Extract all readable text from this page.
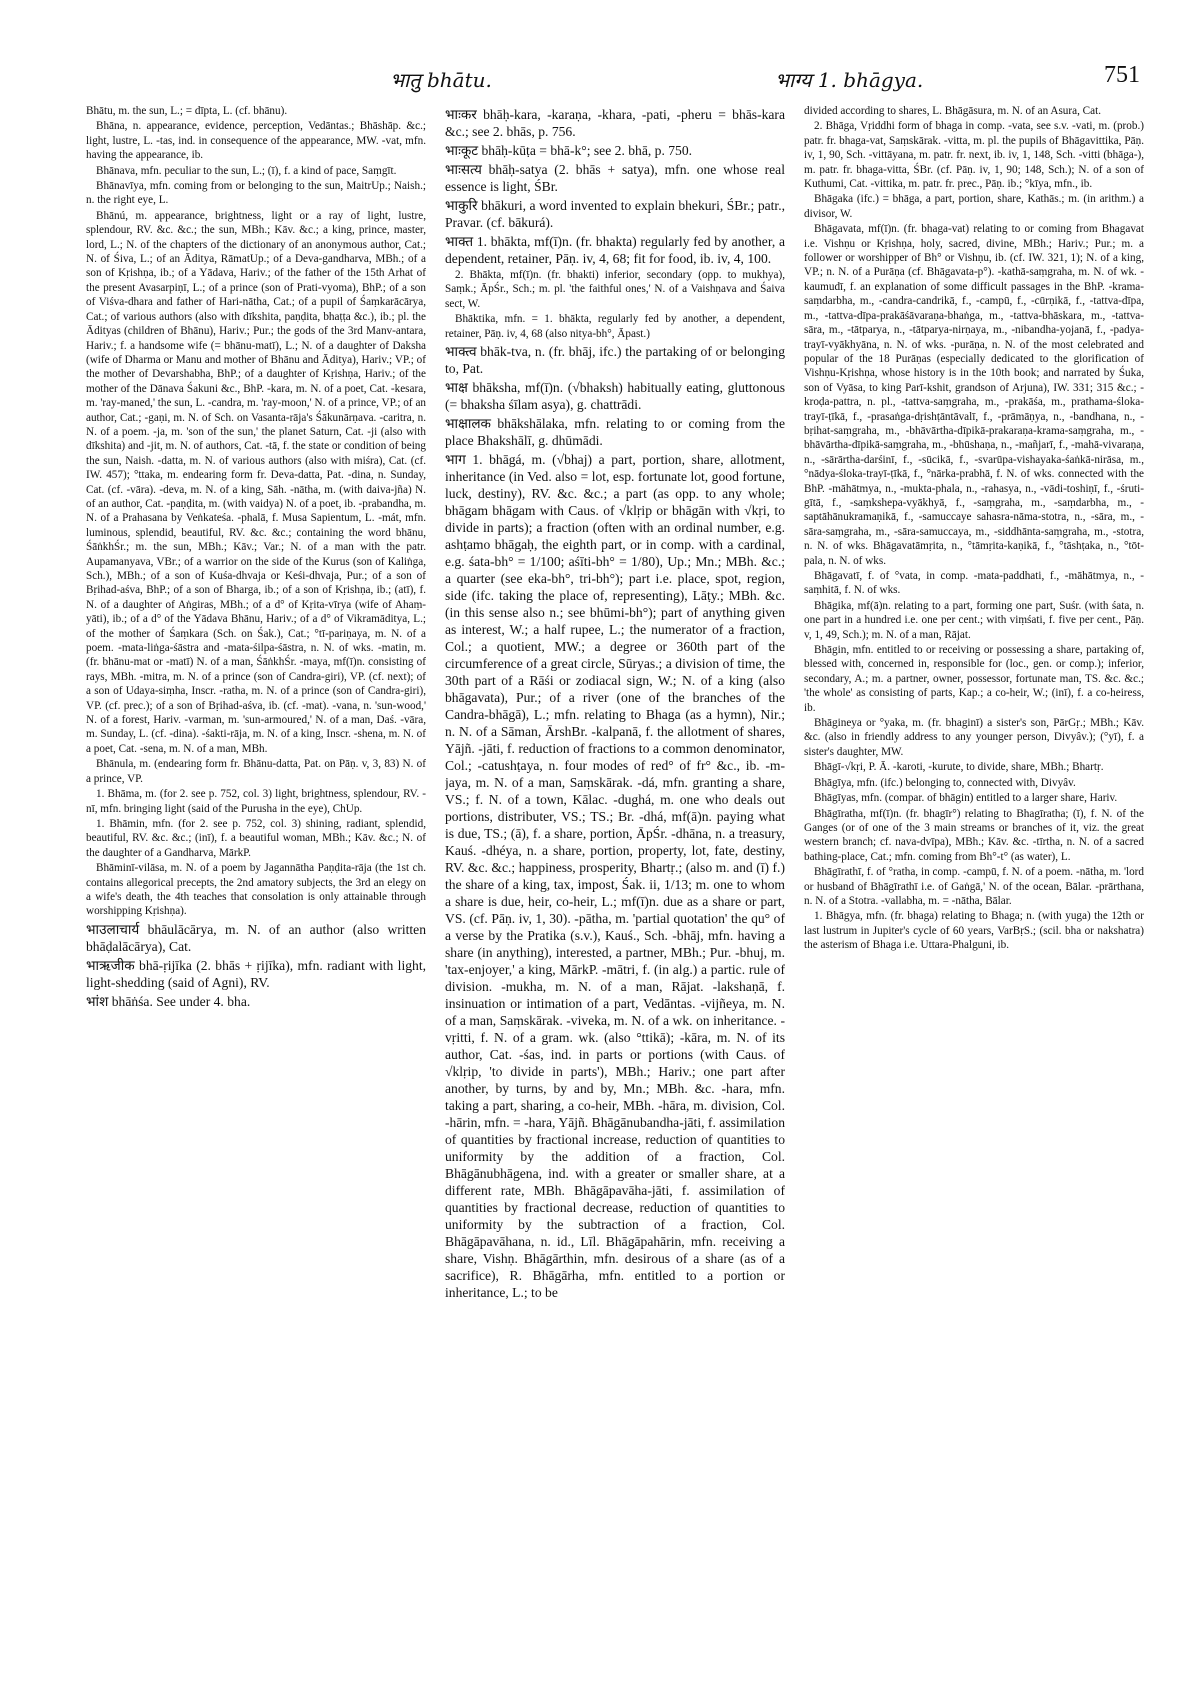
भातु bhātu.	भाग्य 1. bhāgya.	751

Bhātu, m. the sun, L.; = dīpta, L. (cf. bhānu).

Bhāna, n. appearance, evidence, perception, Vedāntas.; Bhāshāp. &c.; light, lustre, L. -tas, ind. in consequence of the appearance, MW. -vat, mfn. having the appearance, ib.

Bhānava, mfn. peculiar to the sun, L.; (ī), f. a kind of pace, Saṃgīt.

Bhānavīya, mfn. coming from or belonging to the sun, MaitrUp.; Naish.; n. the right eye, L.

Bhānú, m. appearance, brightness, light or a ray of light, lustre, splendour, RV. &c. &c.; the sun, MBh.; Kāv. &c.; a king, prince, master, lord, L.; N. of the chapters of the dictionary of an anonymous author, Cat.; N. of Śiva, L.; of an Āditya, RāmatUp.; of a Deva-gandharva, MBh.; of a son of Kṛishṇa, ib.; of a Yādava, Hariv.; of the father of the 15th Arhat of the present Avasarpiṇī, L.; of a prince (son of Prati-vyoma), BhP.; of a son of Viśva-dhara and father of Hari-nātha, Cat.; of a pupil of Śaṃkarācārya, Cat.; of various authors (also with dīkshita, paṇḍita, bhaṭṭa &c.), ib.; pl. the Ādityas (children of Bhānu), Hariv.; Pur.; the gods of the 3rd Manv-antara, Hariv.; f. a handsome wife (= bhānu-matī), L.; N. of a daughter of Daksha (wife of Dharma or Manu and mother of Bhānu and Āditya), Hariv.; VP.; of the mother of Devarshabha, BhP.; of a daughter of Kṛishṇa, Hariv.; of the mother of the Dānava Śakuni &c., BhP. -kara, m. N. of a poet, Cat. -kesara, m. 'ray-maned,' the sun, L. -candra, m. 'ray-moon,' N. of a prince, VP.; of an author, Cat.; -gaṇi, m. N. of Sch. on Vasanta-rāja's Śākunārṇava. -caritra, n. N. of a poem. -ja, m. 'son of the sun,' the planet Saturn, Cat. -ji (also with dīkshita) and -jit, m. N. of authors, Cat. -tā, f. the state or condition of being the sun, Naish. -datta, m. N. of various authors (also with miśra), Cat. (cf. IW. 457); °ttaka, m. endearing form fr. Deva-datta, Pat. -dina, n. Sunday, Cat. (cf. -vāra). -deva, m. N. of a king, Sāh. -nātha, m. (with daiva-jña) N. of an author, Cat. -paṇḍita, m. (with vaidya) N. of a poet, ib. -prabandha, m. N. of a Prahasana by Veṅkateśa. -phalā, f. Musa Sapientum, L. -mát, mfn. luminous, splendid, beautiful, RV. &c. &c.; containing the word bhānu, ŚāṅkhŚr.; m. the sun, MBh.; Kāv.; Var.; N. of a man with the patr. Aupamanyava, VBr.; of a warrior on the side of the Kurus (son of Kaliṅga, Sch.), MBh.; of a son of Kuśa-dhvaja or Keśi-dhvaja, Pur.; of a son of Bṛihad-aśva, BhP.; of a son of Bharga, ib.; of a son of Kṛishṇa, ib.; (atī), f. N. of a daughter of Aṅgiras, MBh.; of a d° of Kṛita-vīrya (wife of Ahaṃ-yāti), ib.; of a d° of the Yādava Bhānu, Hariv.; of a d° of Vikramāditya, L.; of the mother of Śaṃkara (Sch. on Śak.), Cat.; °tī-pariṇaya, m. N. of a poem. -mata-liṅga-śāstra and -mata-śilpa-śāstra, n. N. of wks. -matin, m. (fr. bhānu-mat or -matī) N. of a man, ŚāṅkhŚr. -maya, mf(ī)n. consisting of rays, MBh. -mitra, m. N. of a prince (son of Candra-giri), VP. (cf. next); of a son of Udaya-siṃha, Inscr. -ratha, m. N. of a prince (son of Candra-giri), VP. (cf. prec.); of a son of Bṛihad-aśva, ib. (cf. -mat). -vana, n. 'sun-wood,' N. of a forest, Hariv. -varman, m. 'sun-armoured,' N. of a man, Daś. -vāra, m. Sunday, L. (cf. -dina). -śakti-rāja, m. N. of a king, Inscr. -shena, m. N. of a poet, Cat. -sena, m. N. of a man, MBh.

Bhānula, m. (endearing form fr. Bhānu-datta, Pat. on Pāṇ. v, 3, 83) N. of a prince, VP.

1. Bhāma, m. (for 2. see p. 752, col. 3) light, brightness, splendour, RV. -nī, mfn. bringing light (said of the Purusha in the eye), ChUp.

1. Bhāmin, mfn. (for 2. see p. 752, col. 3) shining, radiant, splendid, beautiful, RV. &c. &c.; (inī), f. a beautiful woman, MBh.; Kāv. &c.; N. of the daughter of a Gandharva, MārkP.

Bhāminī-vilāsa, m. N. of a poem by Jagannātha Paṇḍita-rāja (the 1st ch. contains allegorical precepts, the 2nd amatory subjects, the 3rd an elegy on a wife's death, the 4th teaches that consolation is only attainable through worshipping Kṛishṇa).

भाउलाचार्य bhāulācārya, m. N. of an author (also written bhāḍalācārya), Cat.

भाऋजीक bhā-ṛijīka (2. bhās + ṛijīka), mfn. radiant with light, light-shedding (said of Agni), RV.

भांश bhāṅśa. See under 4. bha.

भाःकर bhāḥ-kara, -karaṇa, -khara, -pati, -pheru = bhās-kara &c.; see 2. bhās, p. 756.

भाःकूट bhāḥ-kūṭa = bhā-k°; see 2. bhā, p. 750.

भाःसत्य bhāḥ-satya (2. bhās + satya), mfn. one whose real essence is light, ŚBr.

भाकुरि bhākuri, a word invented to explain bhekuri, ŚBr.; patr., Pravar. (cf. bākurá).

भाक्त 1. bhākta, mf(ī)n. (fr. bhakta) regularly fed by another, a dependent, retainer, Pāṇ. iv, 4, 68; fit for food, ib. iv, 4, 100.

2. Bhākta, mf(ī)n. (fr. bhakti) inferior, secondary (opp. to mukhya), Saṃk.; ĀpŚr., Sch.; m. pl. 'the faithful ones,' N. of a Vaishṇava and Śaiva sect, W.

Bhāktika, mfn. = 1. bhākta, regularly fed by another, a dependent, retainer, Pāṇ. iv, 4, 68 (also nitya-bh°, Āpast.)

भाक्त्व bhāk-tva, n. (fr. bhāj, ifc.) the partaking of or belonging to, Pat.

भाक्ष bhāksha, mf(ī)n. (√bhaksh) habitually eating, gluttonous (= bhaksha śīlam asya), g. chattrādi.

भाक्षालक bhākshālaka, mfn. relating to or coming from the place Bhakshālī, g. dhūmādi.

भाग 1. bhāgá, m. (√bhaj) a part, portion, share, allotment, inheritance (in Ved. also = lot, esp. fortunate lot, good fortune, luck, destiny), RV. &c. &c.; a part (as opp. to any whole; bhāgam bhāgam with Caus. of √klṛip or bhāgān with √kṛi, to divide in parts); a fraction (often with an ordinal number, e.g. ashṭamo bhāgaḥ, the eighth part, or in comp. with a cardinal, e.g. śata-bh° = 1/100; aśīti-bh° = 1/80), Up.; Mn.; MBh. &c.; a quarter (see eka-bh°, tri-bh°); part i.e. place, spot, region, side (ifc. taking the place of, representing), Lāṭy.; MBh. &c. (in this sense also n.; see bhūmi-bh°); part of anything given as interest, W.; a half rupee, L.; the numerator of a fraction, Col.; a quotient, MW.; a degree or 360th part of the circumference of a great circle, Sūryas.; a division of time, the 30th part of a Rāśi or zodiacal sign, W.; N. of a king (also bhāgavata), Pur.; of a river (one of the branches of the Candra-bhāgā), L.; mfn. relating to Bhaga (as a hymn), Nir.; n. N. of a Sāman, ĀrshBr. -kalpanā, f. the allotment of shares, Yājñ. -jāti, f. reduction of fractions to a common denominator, Col.; -catushṭaya, n. four modes of red° of fr° &c., ib. -m-jaya, m. N. of a man, Saṃskārak. -dá, mfn. granting a share, VS.; f. N. of a town, Kālac. -dughá, m. one who deals out portions, distributer, VS.; TS.; Br. -dhá, mf(ā)n. paying what is due, TS.; (ā), f. a share, portion, ĀpŚr. -dhāna, n. a treasury, Kauś. -dhéya, n. a share, portion, property, lot, fate, destiny, RV. &c. &c.; happiness, prosperity, Bhartṛ.; (also m. and (ī) f.) the share of a king, tax, impost, Śak. ii, 1/13; m. one to whom a share is due, heir, co-heir, L.; mf(ī)n. due as a share or part, VS. (cf. Pāṇ. iv, 1, 30). -pātha, m. 'partial quotation' the qu° of a verse by the Pratika (s.v.), Kauś., Sch. -bhāj, mfn. having a share (in anything), interested, a partner, MBh.; Pur. -bhuj, m. 'tax-enjoyer,' a king, MārkP. -mātri, f. (in alg.) a partic. rule of division. -mukha, m. N. of a man, Rājat. -lakshaṇā, f. insinuation or intimation of a part, Vedāntas. -vijñeya, m. N. of a man, Saṃskārak. -viveka, m. N. of a wk. on inheritance. -vṛitti, f. N. of a gram. wk. (also °ttikā); -kāra, m. N. of its author, Cat. -śas, ind. in parts or portions (with Caus. of √klṛip, 'to divide in parts'), MBh.; Hariv.; one part after another, by turns, by and by, Mn.; MBh. &c. -hara, mfn. taking a part, sharing, a co-heir, MBh. -hāra, m. division, Col. -hārin, mfn. = -hara, Yājñ. Bhāgānubandha-jāti, f. assimilation of quantities by fractional increase, reduction of quantities to uniformity by the addition of a fraction, Col. Bhāgānubhāgena, ind. with a greater or smaller share, at a different rate, MBh. Bhāgāpavāha-jāti, f. assimilation of quantities by fractional decrease, reduction of quantities to uniformity by the subtraction of a fraction, Col. Bhāgāpavāhana, n. id., Līl. Bhāgāpahārin, mfn. receiving a share, Vishṇ. Bhāgārthin, mfn. desirous of a share (as of a sacrifice), R. Bhāgārha, mfn. entitled to a portion or inheritance, L.; to be

divided according to shares, L. Bhāgāsura, m. N. of an Asura, Cat.

2. Bhāga, Vṛiddhi form of bhaga in comp. -vata, see s.v. -vati, m. (prob.) patr. fr. bhaga-vat, Saṃskārak. -vitta, m. pl. the pupils of Bhāgavittika, Pāṇ. iv, 1, 90, Sch. -vittāyana, m. patr. fr. next, ib. iv, 1, 148, Sch. -vitti (bhāga-), m. patr. fr. bhaga-vitta, ŚBr. (cf. Pāṇ. iv, 1, 90; 148, Sch.); N. of a son of Kuthumi, Cat. -vittika, m. patr. fr. prec., Pāṇ. ib.; °kīya, mfn., ib.

Bhāgaka (ifc.) = bhāga, a part, portion, share, Kathās.; m. (in arithm.) a divisor, W.

Bhāgavata, mf(ī)n. (fr. bhaga-vat) relating to or coming from Bhagavat i.e. Vishṇu or Kṛishṇa, holy, sacred, divine, MBh.; Hariv.; Pur.; m. a follower or worshipper of Bh° or Vishṇu, ib. (cf. IW. 321, 1); N. of a king, VP.; n. N. of a Purāṇa (cf. Bhāgavata-p°). -kathā-saṃgraha, m. N. of wk. -kaumudī, f. an explanation of some difficult passages in the BhP. -krama-saṃdarbha, m., -candra-candrikā, f., -campū, f., -cūrṇikā, f., -tattva-dīpa, m., -tattva-dīpa-prakāśāvaraṇa-bhaṅga, m., -tattva-bhāskara, m., -tattva-sāra, m., -tātparya, n., -tātparya-nirṇaya, m., -nibandha-yojanā, f., -padya-trayī-vyākhyāna, n. N. of wks. -purāṇa, n. N. of the most celebrated and popular of the 18 Purāṇas (especially dedicated to the glorification of Vishṇu-Kṛishṇa, whose history is in the 10th book; and narrated by Śuka, son of Vyāsa, to king Parī-kshit, grandson of Arjuna), IW. 331; 315 &c.; -kroḍa-pattra, n. pl., -tattva-saṃgraha, m., -prakāśa, m., prathama-śloka-trayī-ṭīkā, f., -prasaṅga-dṛishṭāntāvalī, f., -prāmāṇya, n., -bandhana, n., -bṛihat-saṃgraha, m., -bhāvārtha-dīpikā-prakaraṇa-krama-saṃgraha, m., -bhāvārtha-dīpikā-saṃgraha, m., -bhūshaṇa, n., -mañjarī, f., -mahā-vivaraṇa, n., -sārārtha-darśinī, f., -sūcikā, f., -svarūpa-vishayaka-śaṅkā-nirāsa, m., °nādya-śloka-trayī-ṭīkā, f., °nārka-prabhā, f. N. of wks. connected with the BhP. -māhātmya, n., -mukta-phala, n., -rahasya, n., -vādi-toshiṇī, f., -śruti-gītā, f., -saṃkshepa-vyākhyā, f., -saṃgraha, m., -saṃdarbha, m., -saptāhānukramaṇikā, f., -samuccaye sahasra-nāma-stotra, n., -sāra, m., -sāra-saṃgraha, m., -sāra-samuccaya, m., -siddhānta-saṃgraha, m., -stotra, n. N. of wks. Bhāgavatāmṛita, n., °tāmṛita-kaṇikā, f., °tāshṭaka, n., °tōt-pala, n. N. of wks.

Bhāgavatī, f. of °vata, in comp. -mata-paddhati, f., -māhātmya, n., -saṃhitā, f. N. of wks.

Bhāgika, mf(ā)n. relating to a part, forming one part, Suśr. (with śata, n. one part in a hundred i.e. one per cent.; with viṃśati, f. five per cent., Pāṇ. v, 1, 49, Sch.); m. N. of a man, Rājat.

Bhāgin, mfn. entitled to or receiving or possessing a share, partaking of, blessed with, concerned in, responsible for (loc., gen. or comp.); inferior, secondary, A.; m. a partner, owner, possessor, fortunate man, TS. &c. &c.; 'the whole' as consisting of parts, Kap.; a co-heir, W.; (inī), f. a co-heiress, ib.

Bhāgineya or °yaka, m. (fr. bhaginī) a sister's son, PārGṛ.; MBh.; Kāv. &c. (also in friendly address to any younger person, Divyâv.); (°yī), f. a sister's daughter, MW.

Bhāgī-√kṛi, P. Ā. -karoti, -kurute, to divide, share, MBh.; Bhartṛ.

Bhāgīya, mfn. (ifc.) belonging to, connected with, Divyâv.

Bhāgīyas, mfn. (compar. of bhāgin) entitled to a larger share, Hariv.

Bhāgīratha, mf(ī)n. (fr. bhagīr°) relating to Bhagīratha; (ī), f. N. of the Ganges (or of one of the 3 main streams or branches of it, viz. the great western branch; cf. nava-dvīpa), MBh.; Kāv. &c. -tīrtha, n. N. of a sacred bathing-place, Cat.; mfn. coming from Bh°-t° (as water), L.

Bhāgīrathī, f. of °ratha, in comp. -campū, f. N. of a poem. -nātha, m. 'lord or husband of Bhāgīrathī i.e. of Gaṅgā,' N. of the ocean, Bālar. -prārthana, n. N. of a Stotra. -vallabha, m. = -nātha, Bālar.

1. Bhāgya, mfn. (fr. bhaga) relating to Bhaga; n. (with yuga) the 12th or last lustrum in Jupiter's cycle of 60 years, VarBṛS.; (scil. bha or nakshatra) the asterism of Bhaga i.e. Uttara-Phalguni, ib.
